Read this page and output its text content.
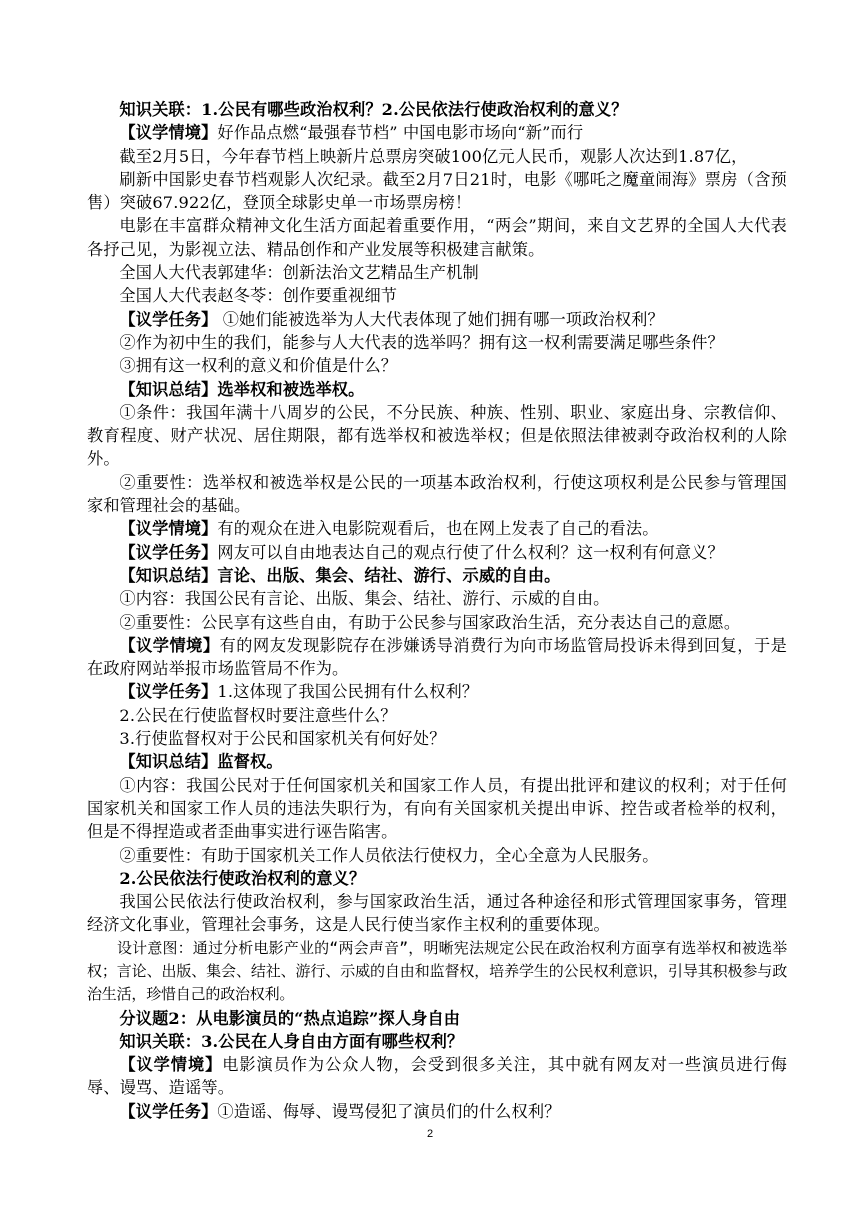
知识关联：1.公民有哪些政治权利？2.公民依法行使政治权利的意义？

【议学情境】好作品点燃“最强春节档” 中国电影市场向“新”而行

截至2月5日，今年春节档上映新片总票房突破100亿元人民币，观影人次达到1.87亿，

刷新中国影史春节档观影人次纪录。截至2月7日21时，电影《哪吒之魔童闹海》票房（含预售）突破67.922亿，登顶全球影史单一市场票房榜！

电影在丰富群众精神文化生活方面起着重要作用，“两会”期间，来自文艺界的全国人大代表各抒己见，为影视立法、精品创作和产业发展等积极建言献策。

全国人大代表郭建华：创新法治文艺精品生产机制

全国人大代表赵冬苓：创作要重视细节

【议学任务】 ①她们能被选举为人大代表体现了她们拥有哪一项政治权利？

②作为初中生的我们，能参与人大代表的选举吗？拥有这一权利需要满足哪些条件？

③拥有这一权利的意义和价值是什么？

【知识总结】选举权和被选举权。

①条件：我国年满十八周岁的公民，不分民族、种族、性别、职业、家庭出身、宗教信仰、教育程度、财产状况、居住期限，都有选举权和被选举权；但是依照法律被剥夺政治权利的人除外。

②重要性：选举权和被选举权是公民的一项基本政治权利，行使这项权利是公民参与管理国家和管理社会的基础。

【议学情境】有的观众在进入电影院观看后，也在网上发表了自己的看法。

【议学任务】网友可以自由地表达自己的观点行使了什么权利？这一权利有何意义？

【知识总结】言论、出版、集会、结社、游行、示威的自由。

①内容：我国公民有言论、出版、集会、结社、游行、示威的自由。

②重要性：公民享有这些自由，有助于公民参与国家政治生活，充分表达自己的意愿。

【议学情境】有的网友发现影院存在涉嫌诱导消费行为向市场监管局投诉未得到回复，于是在政府网站举报市场监管局不作为。

【议学任务】1.这体现了我国公民拥有什么权利？

2.公民在行使监督权时要注意些什么？

3.行使监督权对于公民和国家机关有何好处？

【知识总结】监督权。

①内容：我国公民对于任何国家机关和国家工作人员，有提出批评和建议的权利；对于任何国家机关和国家工作人员的违法失职行为，有向有关国家机关提出申诉、控告或者检举的权利，但是不得捏造或者歪曲事实进行诬告陷害。

②重要性：有助于国家机关工作人员依法行使权力，全心全意为人民服务。

2.公民依法行使政治权利的意义？

我国公民依法行使政治权利，参与国家政治生活，通过各种途径和形式管理国家事务，管理经济文化事业，管理社会事务，这是人民行使当家作主权利的重要体现。

设计意图：通过分析电影产业的“两会声音”，明晰宪法规定公民在政治权利方面享有选举权和被选举权；言论、出版、集会、结社、游行、示威的自由和监督权，培养学生的公民权利意识，引导其积极参与政治生活，珍惜自己的政治权利。

分议题2：从电影演员的“热点追踪”探人身自由

知识关联：3.公民在人身自由方面有哪些权利？

【议学情境】电影演员作为公众人物，会受到很多关注，其中就有网友对一些演员进行侮辱、谩骂、造谣等。

【议学任务】①造谣、侮辱、谩骂侵犯了演员们的什么权利？

2
